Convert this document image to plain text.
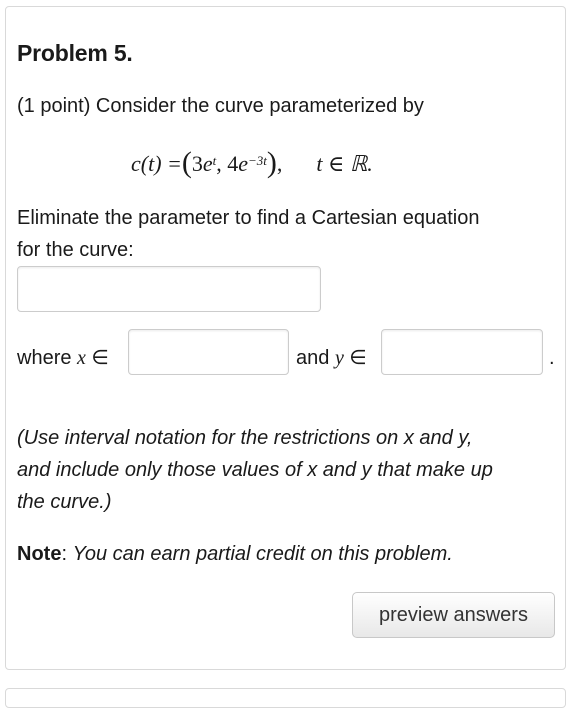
Problem 5.
(1 point) Consider the curve parameterized by
c(t) = ( 3 $e^t$ , 4 $e^{-3t}$ ) , t ∈ ℝ.
Eliminate the parameter to find a Cartesian equation
for the curve:
where x ∈	and y ∈	.
(Use interval notation for the restrictions on x and y,
and include only those values of x and y that make up
the curve.)
Note: You can earn partial credit on this problem.
preview answers
